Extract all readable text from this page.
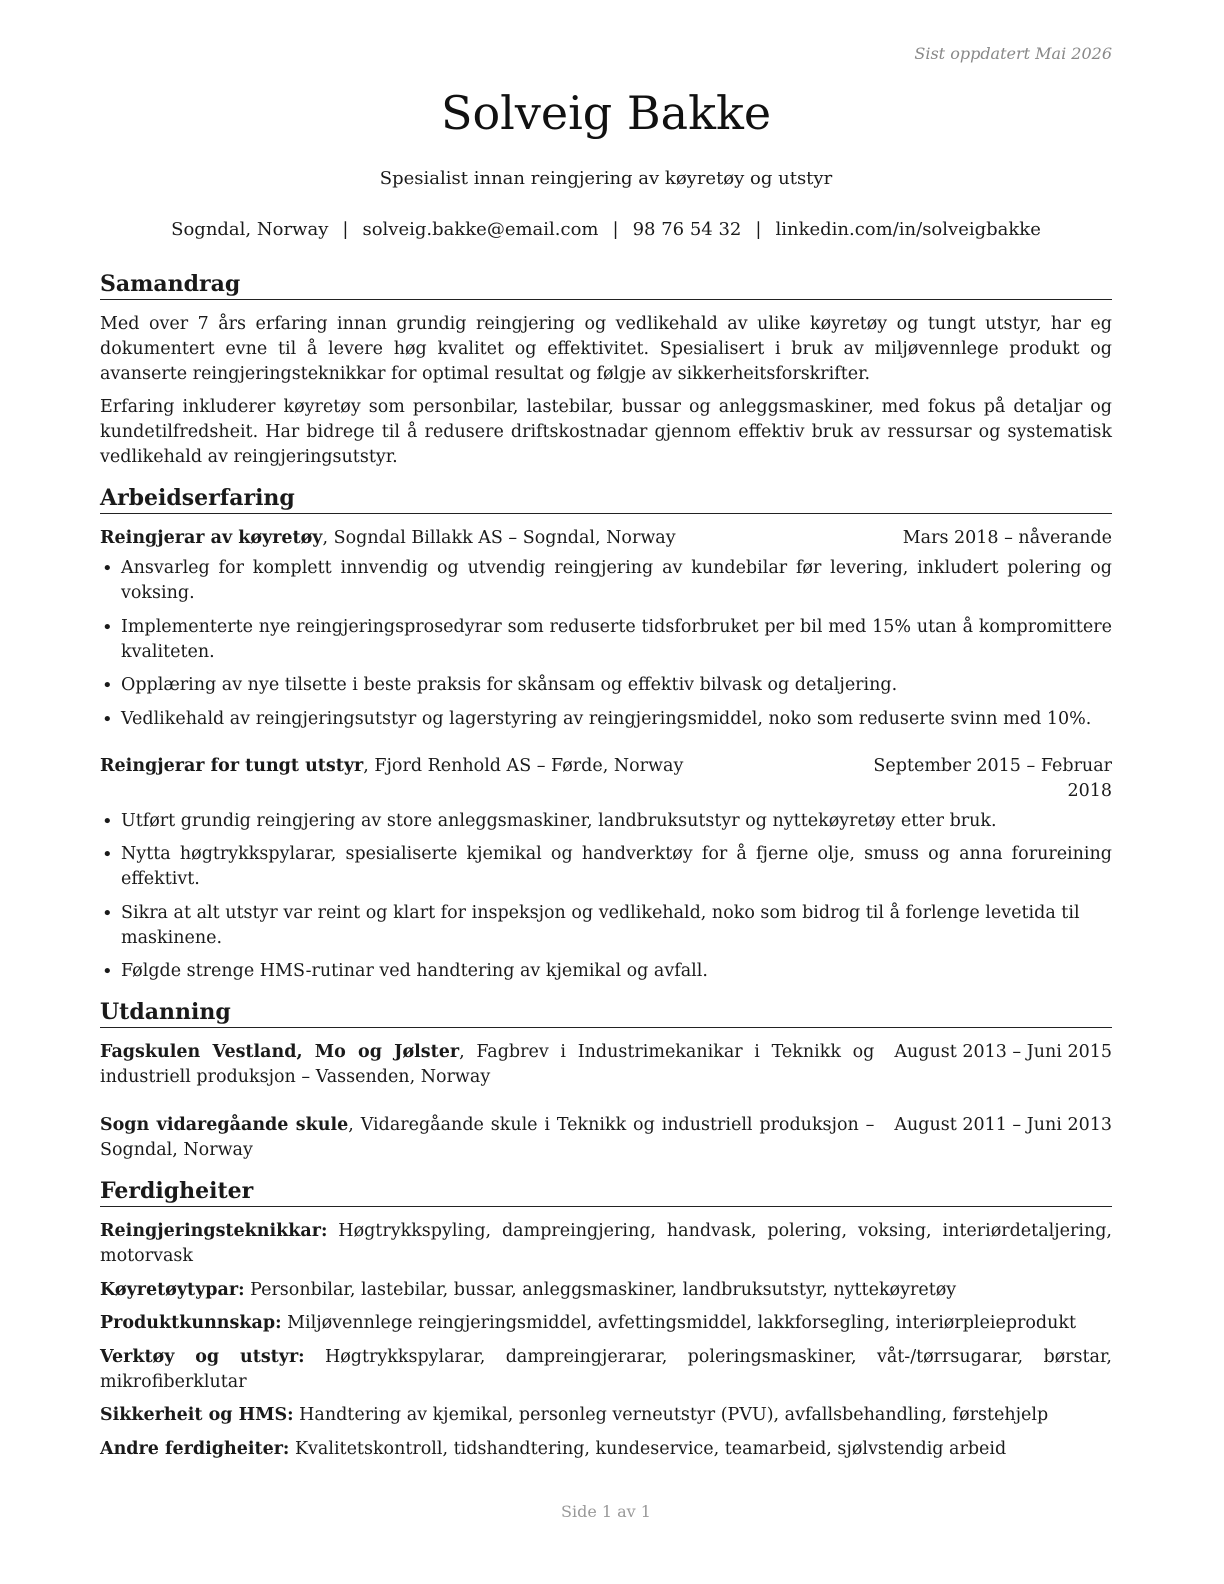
Sist oppdatert Mai 2026
Solveig Bakke
Spesialist innan reingjering av køyretøy og utstyr
Sogndal, Norway | solveig.bakke@email.com | 98 76 54 32 | linkedin.com/in/solveigbakke
Samandrag

Med over 7 års erfaring innan grundig reingjering og vedlikehald av ulike køyretøy og tungt utstyr, har eg dokumentert evne til å levere høg kvalitet og effektivitet. Spesialisert i bruk av miljøvennlege produkt og avanserte reingjeringsteknikkar for optimal resultat og følgje av sikkerheitsforskrifter.

Erfaring inkluderer køyretøy som personbilar, lastebilar, bussar og anleggsmaskiner, med fokus på detaljar og kundetilfredsheit. Har bidrege til å redusere driftskostnadar gjennom effektiv bruk av ressursar og systematisk vedlikehald av reingjeringsutstyr.

Arbeidserfaring
Reingjerar av køyretøy, Sogndal Billakk AS – Sogndal, Norway	Mars 2018 – nåverande
• Ansvarleg for komplett innvendig og utvendig reingjering av kundebilar før levering, inkludert polering og voksing.
• Implementerte nye reingjeringsprosedyrar som reduserte tidsforbruket per bil med 15% utan å kompromittere kvaliteten.
• Opplæring av nye tilsette i beste praksis for skånsam og effektiv bilvask og detaljering.
• Vedlikehald av reingjeringsutstyr og lagerstyring av reingjeringsmiddel, noko som reduserte svinn med 10%.
Reingjerar for tungt utstyr, Fjord Renhold AS – Førde, Norway	September 2015 – Februar 2018
• Utført grundig reingjering av store anleggsmaskiner, landbruksutstyr og nyttekøyretøy etter bruk.
• Nytta høgtrykkspylarar, spesialiserte kjemikal og handverktøy for å fjerne olje, smuss og anna forureining effektivt.
• Sikra at alt utstyr var reint og klart for inspeksjon og vedlikehald, noko som bidrog til å forlenge levetida til maskinene.
• Følgde strenge HMS-rutinar ved handtering av kjemikal og avfall.
Utdanning
Fagskulen Vestland, Mo og Jølster, Fagbrev i Industrimekanikar i Teknikk og industriell produksjon – Vassenden, Norway
August 2013 – Juni 2015
Sogn vidaregåande skule, Vidaregåande skule i Teknikk og industriell produksjon – Sogndal, Norway
August 2011 – Juni 2013
Ferdigheiter
Reingjeringsteknikkar: Høgtrykkspyling, dampreingjering, handvask, polering, voksing, interiørdetaljering, motorvask
Køyretøytypar: Personbilar, lastebilar, bussar, anleggsmaskiner, landbruksutstyr, nyttekøyretøy
Produktkunnskap: Miljøvennlege reingjeringsmiddel, avfettingsmiddel, lakkforsegling, interiørpleieprodukt
Verktøy og utstyr: Høgtrykkspylarar, dampreingjerarar, poleringsmaskiner, våt-/tørrsugarar, børstar, mikrofiberklutar
Sikkerheit og HMS: Handtering av kjemikal, personleg verneutstyr (PVU), avfallsbehandling, førstehjelp
Andre ferdigheiter: Kvalitetskontroll, tidshandtering, kundeservice, teamarbeid, sjølvstendig arbeid
Side 1 av 1
